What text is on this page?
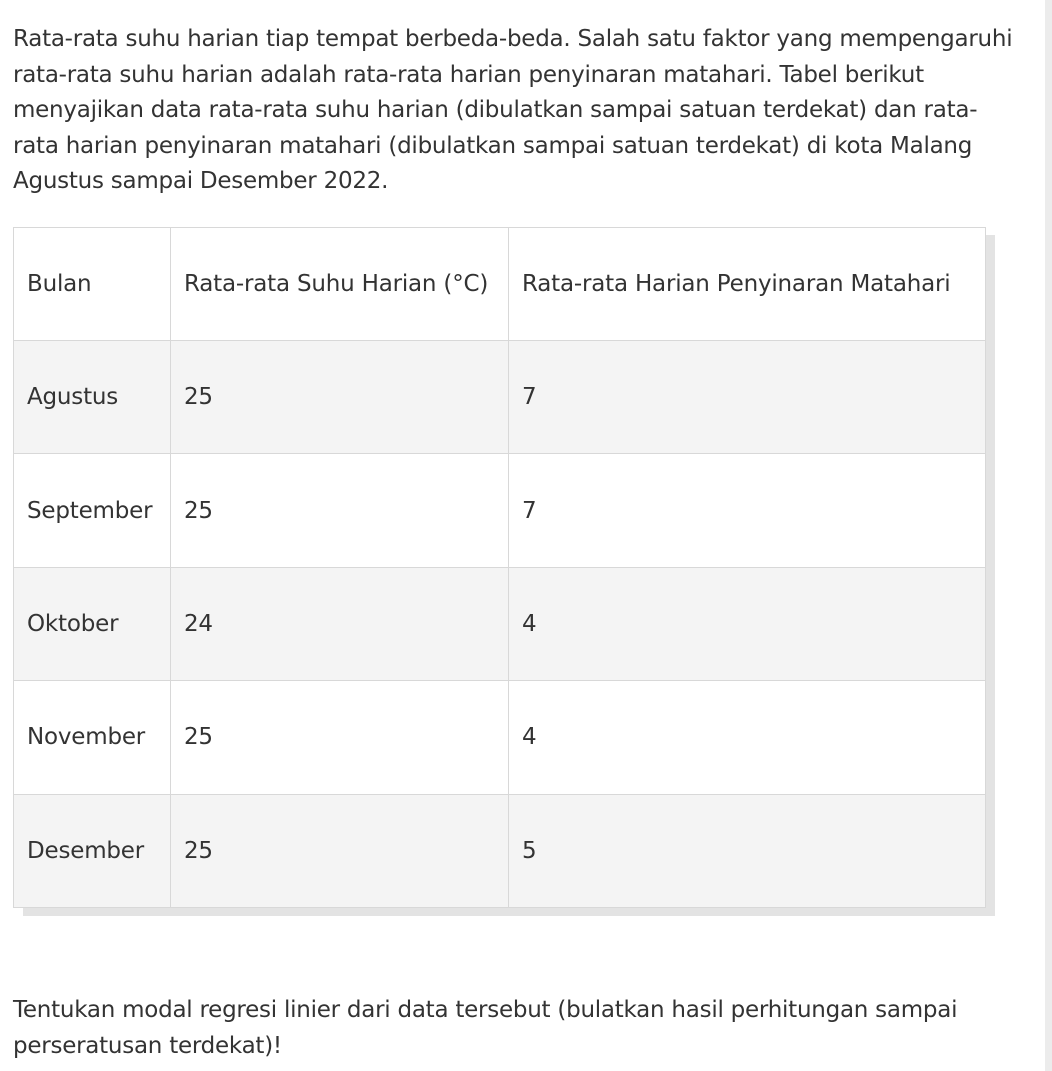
Rata-rata suhu harian tiap tempat berbeda-beda. Salah satu faktor yang mempengaruhi rata-rata suhu harian adalah rata-rata harian penyinaran matahari. Tabel berikut menyajikan data rata-rata suhu harian (dibulatkan sampai satuan terdekat) dan rata-rata harian penyinaran matahari (dibulatkan sampai satuan terdekat) di kota Malang Agustus sampai Desember 2022.

Bulan	Rata-rata Suhu Harian (°C)	Rata-rata Harian Penyinaran Matahari
Agustus	25	7
September	25	7
Oktober	24	4
November	25	4
Desember	25	5

Tentukan modal regresi linier dari data tersebut (bulatkan hasil perhitungan sampai perseratusan terdekat)!
